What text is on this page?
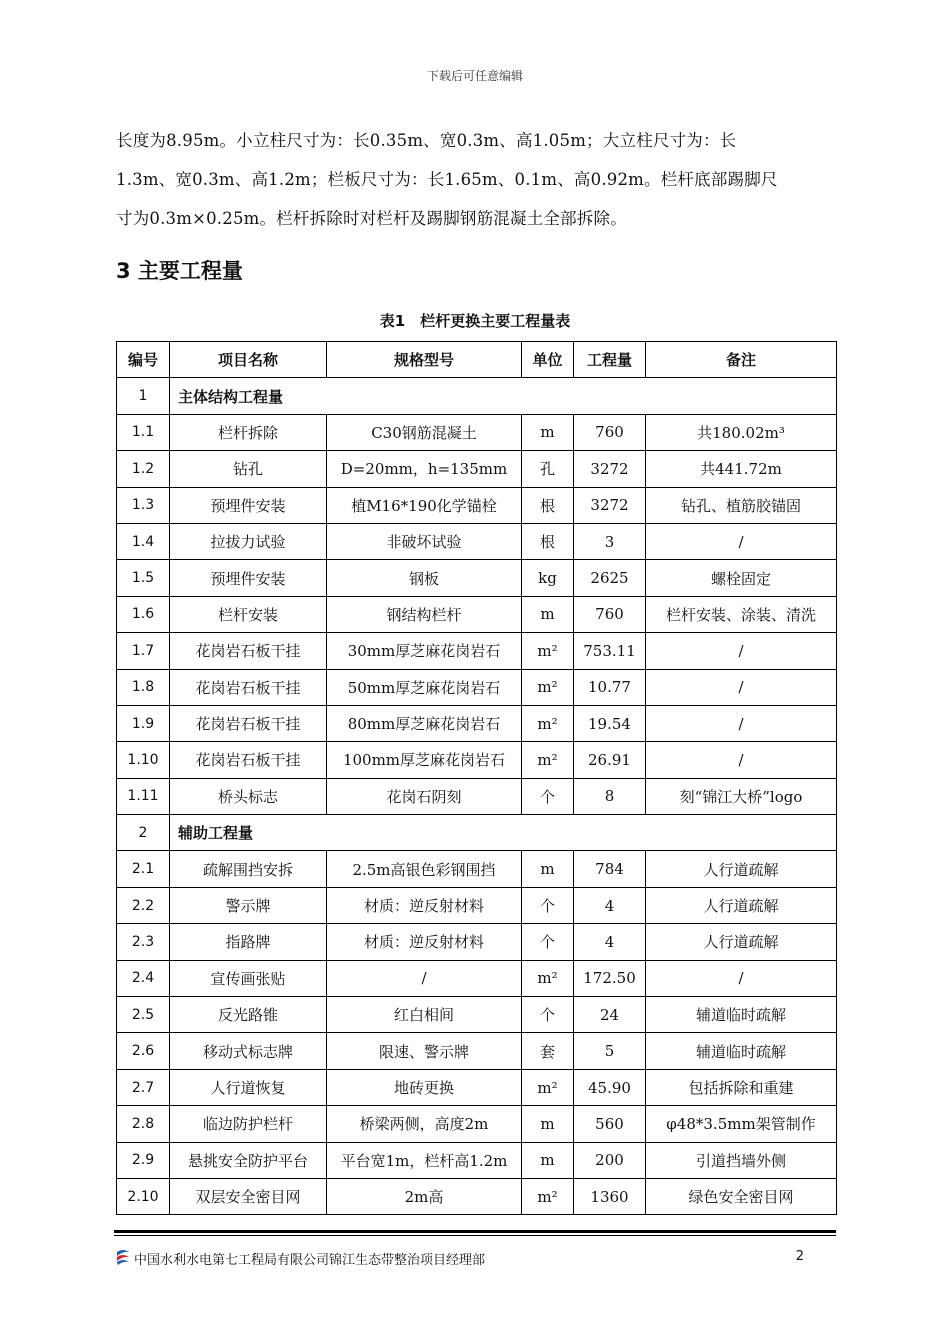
下载后可任意编辑
长度为8.95m。小立柱尺寸为：长0.35m、宽0.3m、高1.05m；大立柱尺寸为：长
1.3m、宽0.3m、高1.2m；栏板尺寸为：长1.65m、0.1m、高0.92m。栏杆底部踢脚尺
寸为0.3m×0.25m。栏杆拆除时对栏杆及踢脚钢筋混凝土全部拆除。
3 主要工程量
表1　栏杆更换主要工程量表
编号	项目名称	规格型号	单位	工程量	备注
1	主体结构工程量				
1.1	栏杆拆除	C30钢筋混凝土	m	760	共180.02m³
1.2	钻孔	D=20mm，h=135mm	孔	3272	共441.72m
1.3	预埋件安装	植M16*190化学锚栓	根	3272	钻孔、植筋胶锚固
1.4	拉拔力试验	非破坏试验	根	3	/
1.5	预埋件安装	钢板	kg	2625	螺栓固定
1.6	栏杆安装	钢结构栏杆	m	760	栏杆安装、涂装、清洗
1.7	花岗岩石板干挂	30mm厚芝麻花岗岩石	m²	753.11	/
1.8	花岗岩石板干挂	50mm厚芝麻花岗岩石	m²	10.77	/
1.9	花岗岩石板干挂	80mm厚芝麻花岗岩石	m²	19.54	/
1.10	花岗岩石板干挂	100mm厚芝麻花岗岩石	m²	26.91	/
1.11	桥头标志	花岗石阴刻	个	8	刻“锦江大桥”logo
2	辅助工程量				
2.1	疏解围挡安拆	2.5m高银色彩钢围挡	m	784	人行道疏解
2.2	警示牌	材质：逆反射材料	个	4	人行道疏解
2.3	指路牌	材质：逆反射材料	个	4	人行道疏解
2.4	宣传画张贴	/	m²	172.50	/
2.5	反光路锥	红白相间	个	24	辅道临时疏解
2.6	移动式标志牌	限速、警示牌	套	5	辅道临时疏解
2.7	人行道恢复	地砖更换	m²	45.90	包括拆除和重建
2.8	临边防护栏杆	桥梁两侧，高度2m	m	560	φ48*3.5mm架管制作
2.9	悬挑安全防护平台	平台宽1m，栏杆高1.2m	m	200	引道挡墙外侧
2.10	双层安全密目网	2m高	m²	1360	绿色安全密目网
中国水利水电第七工程局有限公司锦江生态带整治项目经理部	2
